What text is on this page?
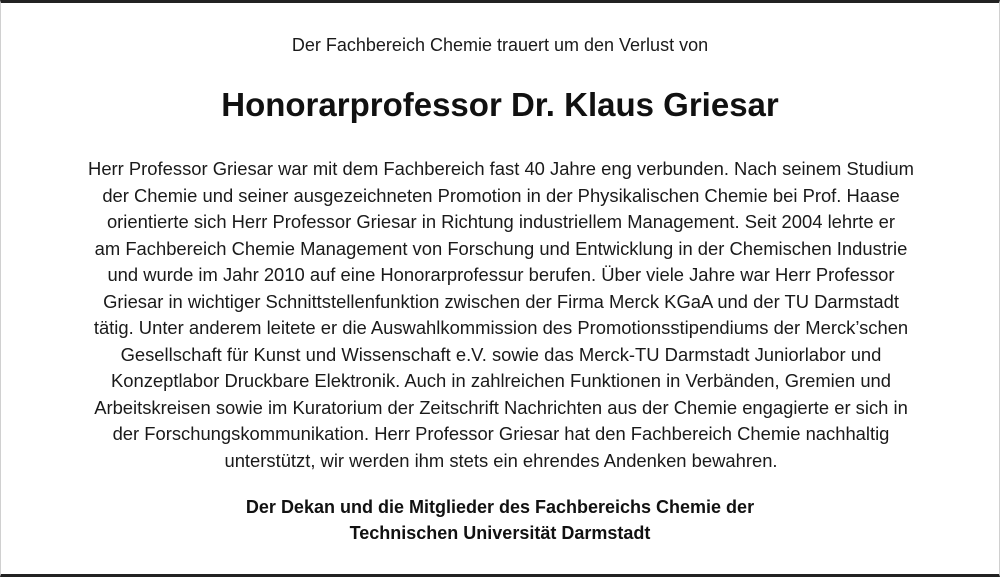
Der Fachbereich Chemie trauert um den Verlust von
Honorarprofessor Dr. Klaus Griesar

Herr Professor Griesar war mit dem Fachbereich fast 40 Jahre eng verbunden. Nach seinem Studium
der Chemie und seiner ausgezeichneten Promotion in der Physikalischen Chemie bei Prof. Haase
orientierte sich Herr Professor Griesar in Richtung industriellem Management. Seit 2004 lehrte er
am Fachbereich Chemie Management von Forschung und Entwicklung in der Chemischen Industrie
und wurde im Jahr 2010 auf eine Honorarprofessur berufen. Über viele Jahre war Herr Professor
Griesar in wichtiger Schnittstellenfunktion zwischen der Firma Merck KGaA und der TU Darmstadt
tätig. Unter anderem leitete er die Auswahlkommission des Promotionsstipendiums der Merck’schen
Gesellschaft für Kunst und Wissenschaft e.V. sowie das Merck-TU Darmstadt Juniorlabor und
Konzeptlabor Druckbare Elektronik. Auch in zahlreichen Funktionen in Verbänden, Gremien und
Arbeitskreisen sowie im Kuratorium der Zeitschrift Nachrichten aus der Chemie engagierte er sich in
der Forschungskommunikation. Herr Professor Griesar hat den Fachbereich Chemie nachhaltig
unterstützt, wir werden ihm stets ein ehrendes Andenken bewahren.

Der Dekan und die Mitglieder des Fachbereichs Chemie der
Technischen Universität Darmstadt
